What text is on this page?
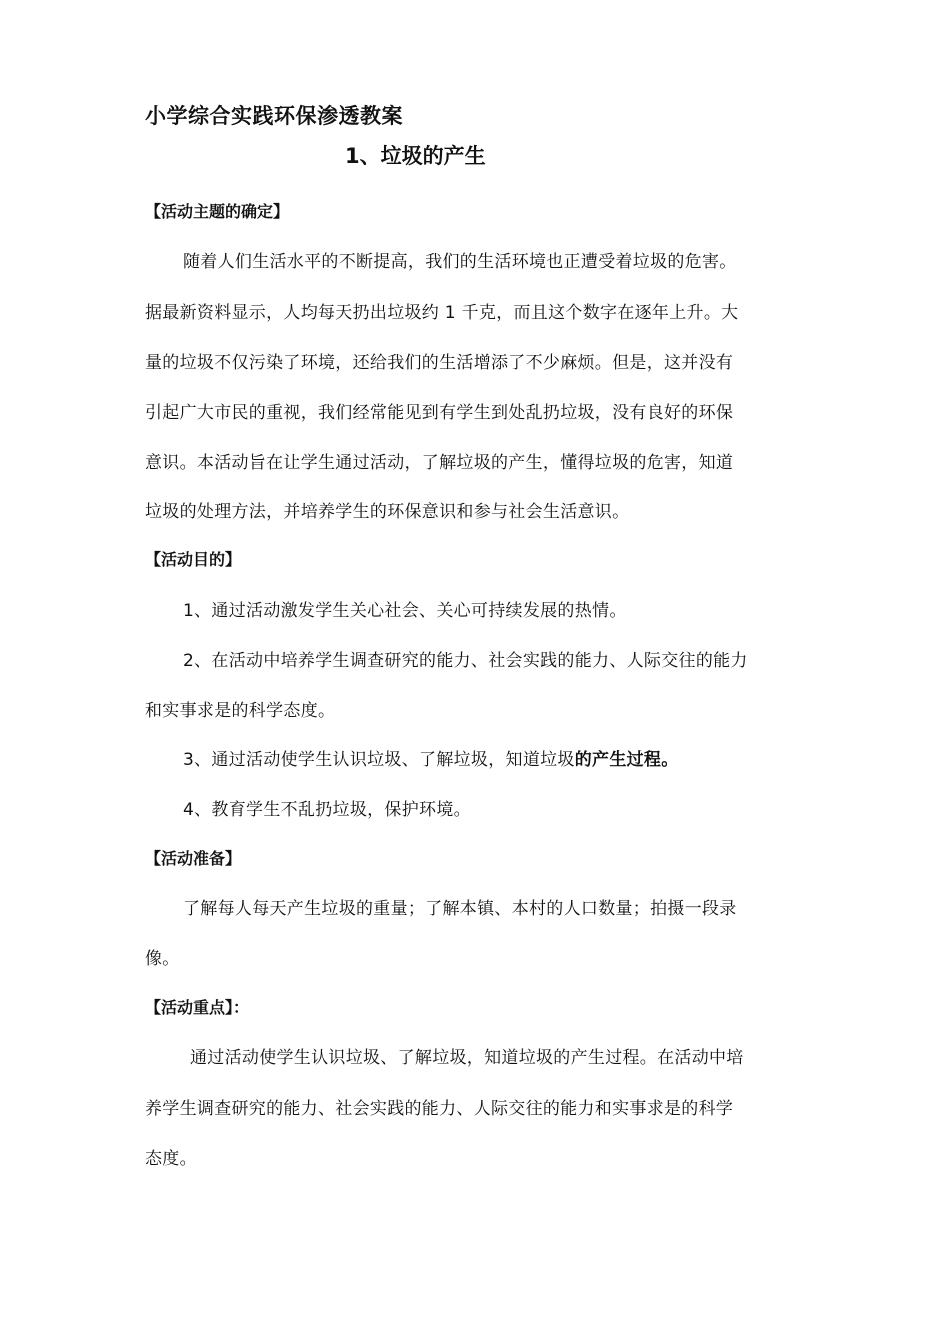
小学综合实践环保渗透教案
1、垃圾的产生
【活动主题的确定】
随着人们生活水平的不断提高，我们的生活环境也正遭受着垃圾的危害。
据最新资料显示，人均每天扔出垃圾约 1 千克，而且这个数字在逐年上升。大
量的垃圾不仅污染了环境，还给我们的生活增添了不少麻烦。但是，这并没有
引起广大市民的重视，我们经常能见到有学生到处乱扔垃圾，没有良好的环保
意识。本活动旨在让学生通过活动，了解垃圾的产生，懂得垃圾的危害，知道
垃圾的处理方法，并培养学生的环保意识和参与社会生活意识。
【活动目的】
1、通过活动激发学生关心社会、关心可持续发展的热情。
2、在活动中培养学生调查研究的能力、社会实践的能力、人际交往的能力
和实事求是的科学态度。
3、通过活动使学生认识垃圾、了解垃圾，知道垃圾的产生过程。
4、教育学生不乱扔垃圾，保护环境。
【活动准备】
了解每人每天产生垃圾的重量；了解本镇、本村的人口数量；拍摄一段录
像。
【活动重点】：
通过活动使学生认识垃圾、了解垃圾，知道垃圾的产生过程。在活动中培
养学生调查研究的能力、社会实践的能力、人际交往的能力和实事求是的科学
态度。
